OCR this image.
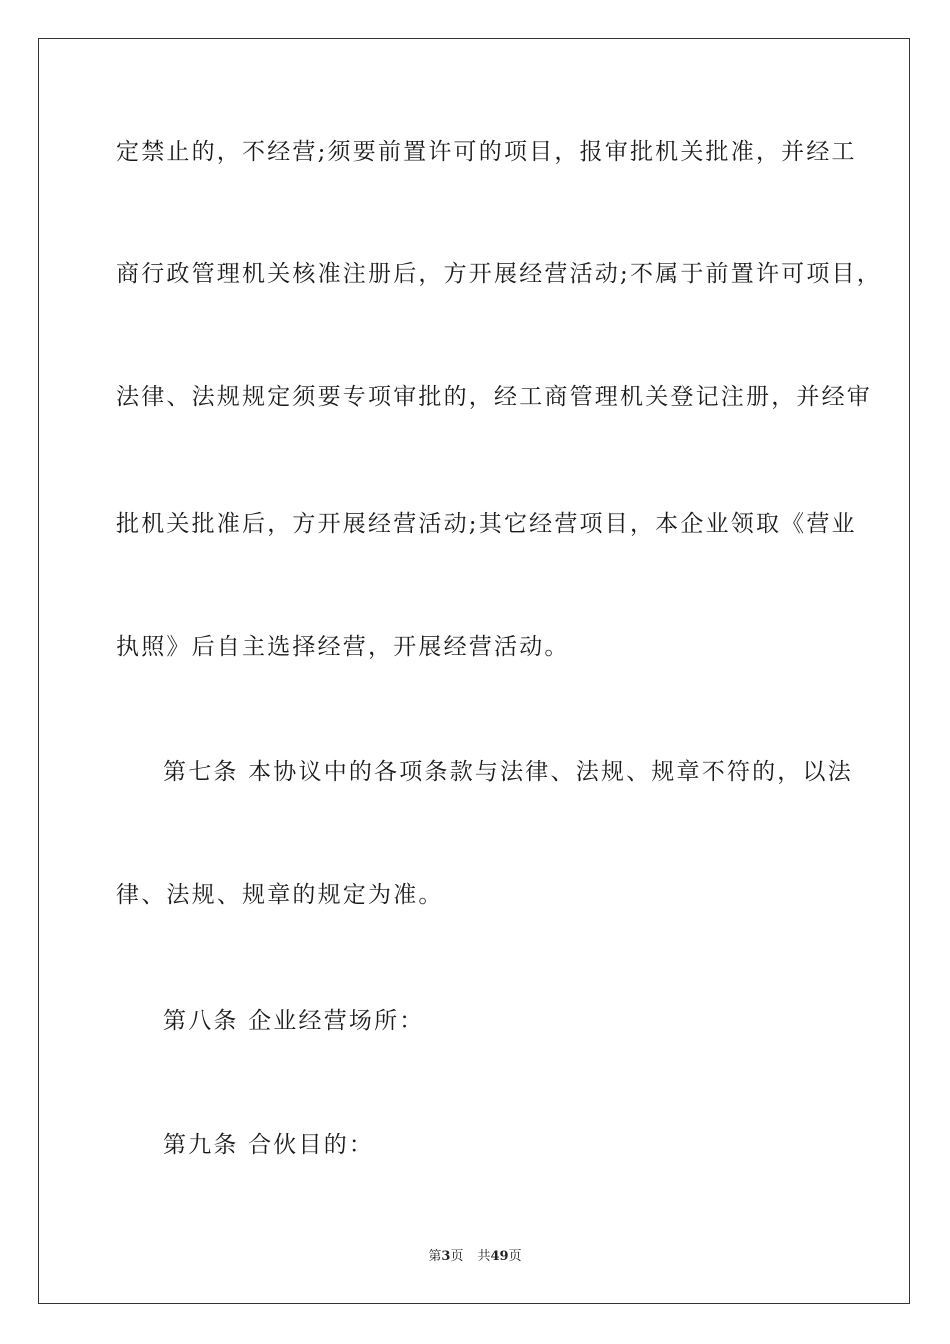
定禁止的，不经营;须要前置许可的项目，报审批机关批准，并经工
商行政管理机关核准注册后，方开展经营活动;不属于前置许可项目，
法律、法规规定须要专项审批的，经工商管理机关登记注册，并经审
批机关批准后，方开展经营活动;其它经营项目，本企业领取《营业
执照》后自主选择经营，开展经营活动。
第七条 本协议中的各项条款与法律、法规、规章不符的，以法
律、法规、规章的规定为准。
第八条 企业经营场所：
第九条 合伙目的：
第3页 共49页
